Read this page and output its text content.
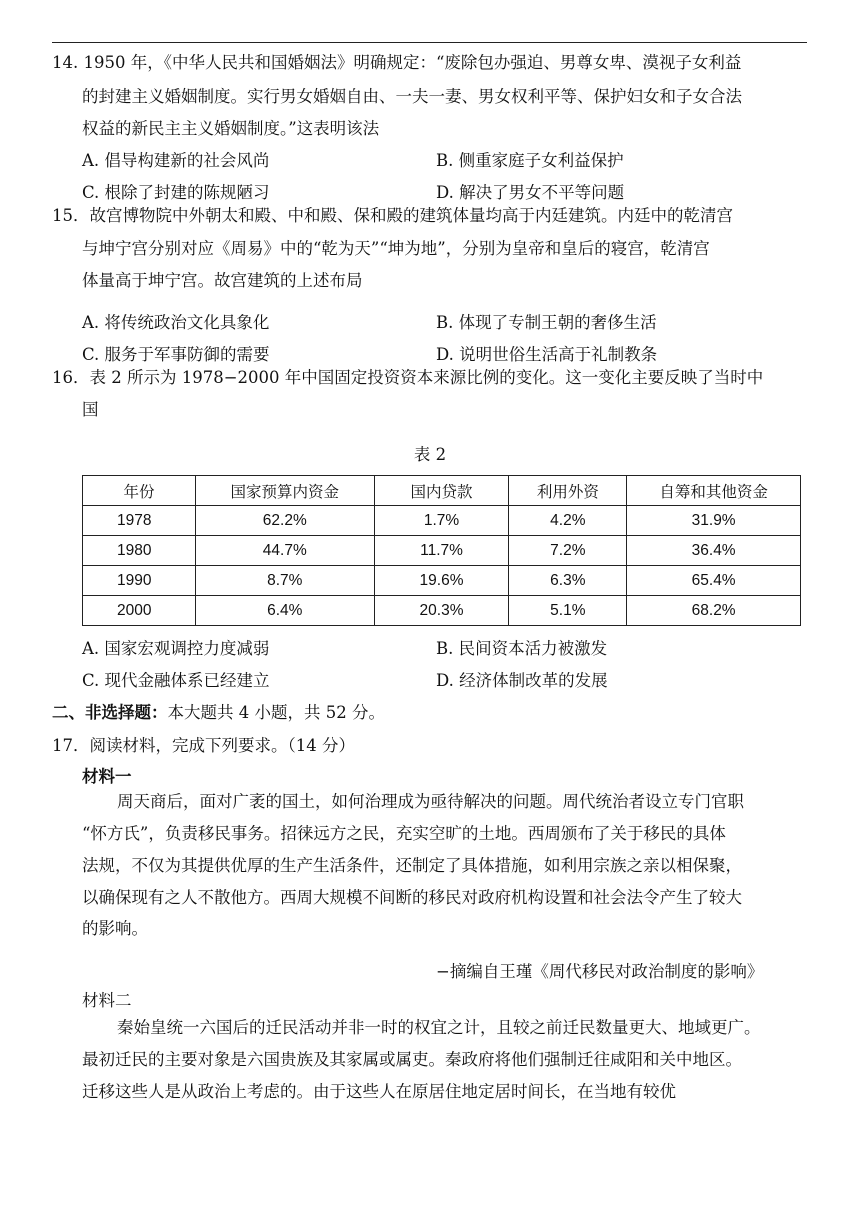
14. 1950 年，《中华人民共和国婚姻法》明确规定：“废除包办强迫、男尊女卑、漠视子女利益
的封建主义婚姻制度。实行男女婚姻自由、一夫一妻、男女权利平等、保护妇女和子女合法
权益的新民主主义婚姻制度。”这表明该法
A. 倡导构建新的社会风尚	B. 侧重家庭子女利益保护
C. 根除了封建的陈规陋习	D. 解决了男女不平等问题
15．故宫博物院中外朝太和殿、中和殿、保和殿的建筑体量均高于内廷建筑。内廷中的乾清宫
与坤宁宫分别对应《周易》中的“乾为天”“坤为地”，分别为皇帝和皇后的寝宫，乾清宫
体量高于坤宁宫。故宫建筑的上述布局
A. 将传统政治文化具象化	B. 体现了专制王朝的奢侈生活
C. 服务于军事防御的需要	D. 说明世俗生活高于礼制教条
16．表 2 所示为 1978−2000 年中国固定投资资本来源比例的变化。这一变化主要反映了当时中
国
表 2
年份	国家预算内资金	国内贷款	利用外资	自筹和其他资金
1978	62.2%	1.7%	4.2%	31.9%
1980	44.7%	11.7%	7.2%	36.4%
1990	8.7%	19.6%	6.3%	65.4%
2000	6.4%	20.3%	5.1%	68.2%
A. 国家宏观调控力度减弱	B. 民间资本活力被激发
C. 现代金融体系已经建立	D. 经济体制改革的发展
二、非选择题：本大题共 4 小题，共 52 分。
17．阅读材料，完成下列要求。（14 分）
材料一
周天商后，面对广袤的国土，如何治理成为亟待解决的问题。周代统治者设立专门官职
“怀方氏”，负责移民事务。招徕远方之民，充实空旷的土地。西周颁布了关于移民的具体
法规，不仅为其提供优厚的生产生活条件，还制定了具体措施，如利用宗族之亲以相保聚，
以确保现有之人不散他方。西周大规模不间断的移民对政府机构设置和社会法令产生了较大
的影响。
−摘编自王瑾《周代移民对政治制度的影响》
材料二
秦始皇统一六国后的迁民活动并非一时的权宜之计，且较之前迁民数量更大、地域更广。
最初迁民的主要对象是六国贵族及其家属或属吏。秦政府将他们强制迁往咸阳和关中地区。
迁移这些人是从政治上考虑的。由于这些人在原居住地定居时间长，在当地有较优
